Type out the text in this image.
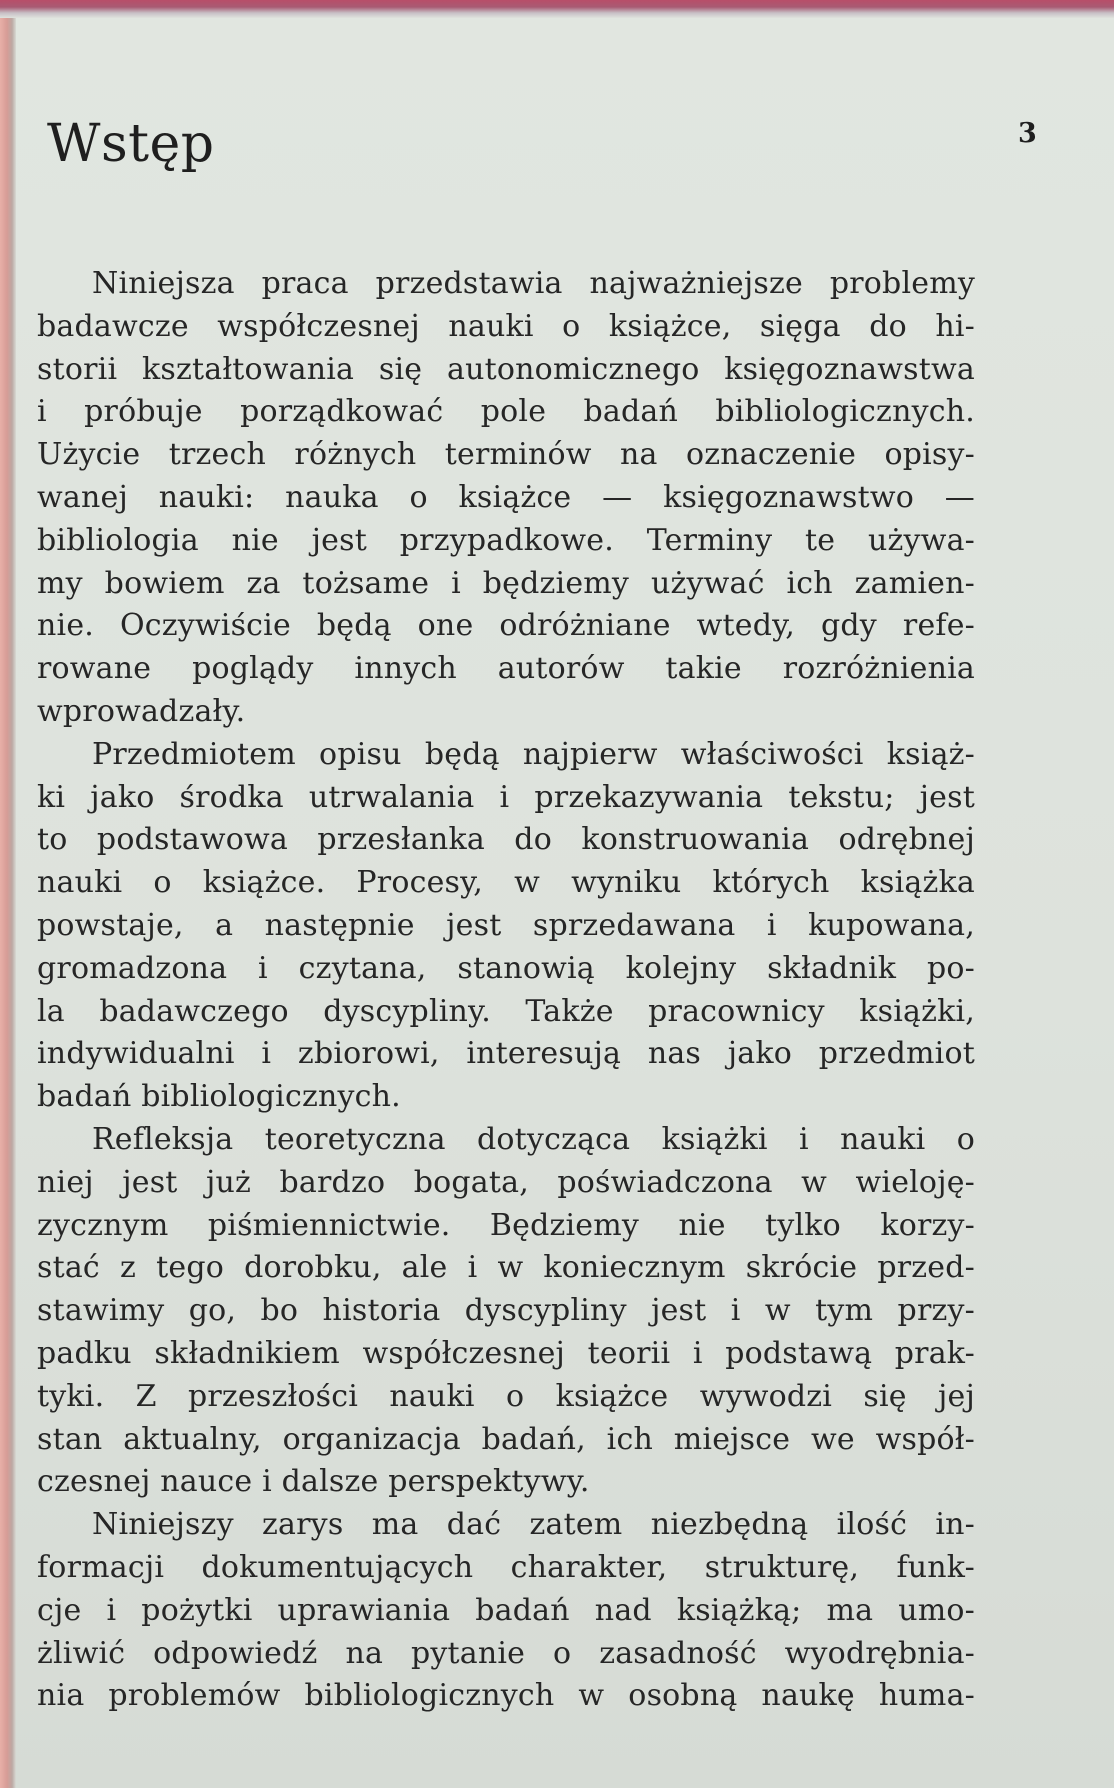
Wstęp	3
Niniejsza praca przedstawia najważniejsze problemy
badawcze współczesnej nauki o książce, sięga do hi-
storii kształtowania się autonomicznego księgoznawstwa
i próbuje porządkować pole badań bibliologicznych.
Użycie trzech różnych terminów na oznaczenie opisy-
wanej nauki: nauka o książce — księgoznawstwo —
bibliologia nie jest przypadkowe. Terminy te używa-
my bowiem za tożsame i będziemy używać ich zamien-
nie. Oczywiście będą one odróżniane wtedy, gdy refe-
rowane poglądy innych autorów takie rozróżnienia
wprowadzały.
Przedmiotem opisu będą najpierw właściwości książ-
ki jako środka utrwalania i przekazywania tekstu; jest
to podstawowa przesłanka do konstruowania odrębnej
nauki o książce. Procesy, w wyniku których książka
powstaje, a następnie jest sprzedawana i kupowana,
gromadzona i czytana, stanowią kolejny składnik po-
la badawczego dyscypliny. Także pracownicy książki,
indywidualni i zbiorowi, interesują nas jako przedmiot
badań bibliologicznych.
Refleksja teoretyczna dotycząca książki i nauki o
niej jest już bardzo bogata, poświadczona w wieloję-
zycznym piśmiennictwie. Będziemy nie tylko korzy-
stać z tego dorobku, ale i w koniecznym skrócie przed-
stawimy go, bo historia dyscypliny jest i w tym przy-
padku składnikiem współczesnej teorii i podstawą prak-
tyki. Z przeszłości nauki o książce wywodzi się jej
stan aktualny, organizacja badań, ich miejsce we współ-
czesnej nauce i dalsze perspektywy.
Niniejszy zarys ma dać zatem niezbędną ilość in-
formacji dokumentujących charakter, strukturę, funk-
cje i pożytki uprawiania badań nad książką; ma umo-
żliwić odpowiedź na pytanie o zasadność wyodrębnia-
nia problemów bibliologicznych w osobną naukę huma-
